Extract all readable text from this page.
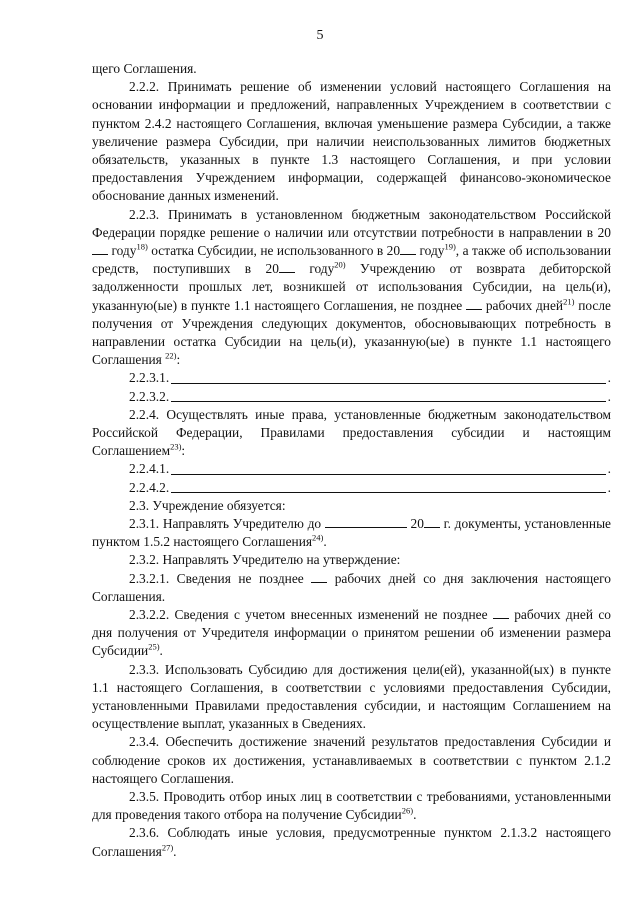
5

щего Соглашения.

2.2.2. Принимать решение об изменении условий настоящего Соглашения на основании информации и предложений, направленных Учреждением в соответствии с пунктом 2.4.2 настоящего Соглашения, включая уменьшение размера Субсидии, а также увеличение размера Субсидии, при наличии неиспользованных лимитов бюджетных обязательств, указанных в пункте 1.3 настоящего Соглашения, и при условии предоставления Учреждением информации, содержащей финансово-экономическое обоснование данных изменений.

2.2.3. Принимать в установленном бюджетным законодательством Российской Федерации порядке решение о наличии или отсутствии потребности в направлении в 20 году$^{18)}$ остатка Субсидии, не использованного в 20 году$^{19)}$, а также об использовании средств, поступивших в 20 году$^{20)}$ Учреждению от возврата дебиторской задолженности прошлых лет, возникшей от использования Субсидии, на цель(и), указанную(ые) в пункте 1.1 настоящего Соглашения, не позднее  рабочих дней$^{21)}$ после получения от Учреждения следующих документов, обосновывающих потребность в направлении остатка Субсидии на цель(и), указанную(ые) в пункте 1.1 настоящего Соглашения $^{22)}$:

2.2.3.1.	.
2.2.3.2.	.

2.2.4. Осуществлять иные права, установленные бюджетным законодательством Российской Федерации, Правилами предоставления субсидии и настоящим Соглашением$^{23)}$:

2.2.4.1.	.
2.2.4.2.	.

2.3. Учреждение обязуется:

2.3.1. Направлять Учредителю до	20 г. документы, установленные пунктом 1.5.2 настоящего Соглашения$^{24)}$.

2.3.2. Направлять Учредителю на утверждение:

2.3.2.1. Сведения не позднее  рабочих дней со дня заключения настоящего Соглашения.

2.3.2.2. Сведения с учетом внесенных изменений не позднее  рабочих дней со дня получения от Учредителя информации о принятом решении об изменении размера Субсидии$^{25)}$.

2.3.3. Использовать Субсидию для достижения цели(ей), указанной(ых) в пункте 1.1 настоящего Соглашения, в соответствии с условиями предоставления Субсидии, установленными Правилами предоставления субсидии, и настоящим Соглашением на осуществление выплат, указанных в Сведениях.

2.3.4. Обеспечить достижение значений результатов предоставления Субсидии и соблюдение сроков их достижения, устанавливаемых в соответствии с пунктом 2.1.2 настоящего Соглашения.

2.3.5. Проводить отбор иных лиц в соответствии с требованиями, установленными для проведения такого отбора на получение Субсидии$^{26)}$.

2.3.6. Соблюдать иные условия, предусмотренные пунктом 2.1.3.2 настоящего Соглашения$^{27)}$.
